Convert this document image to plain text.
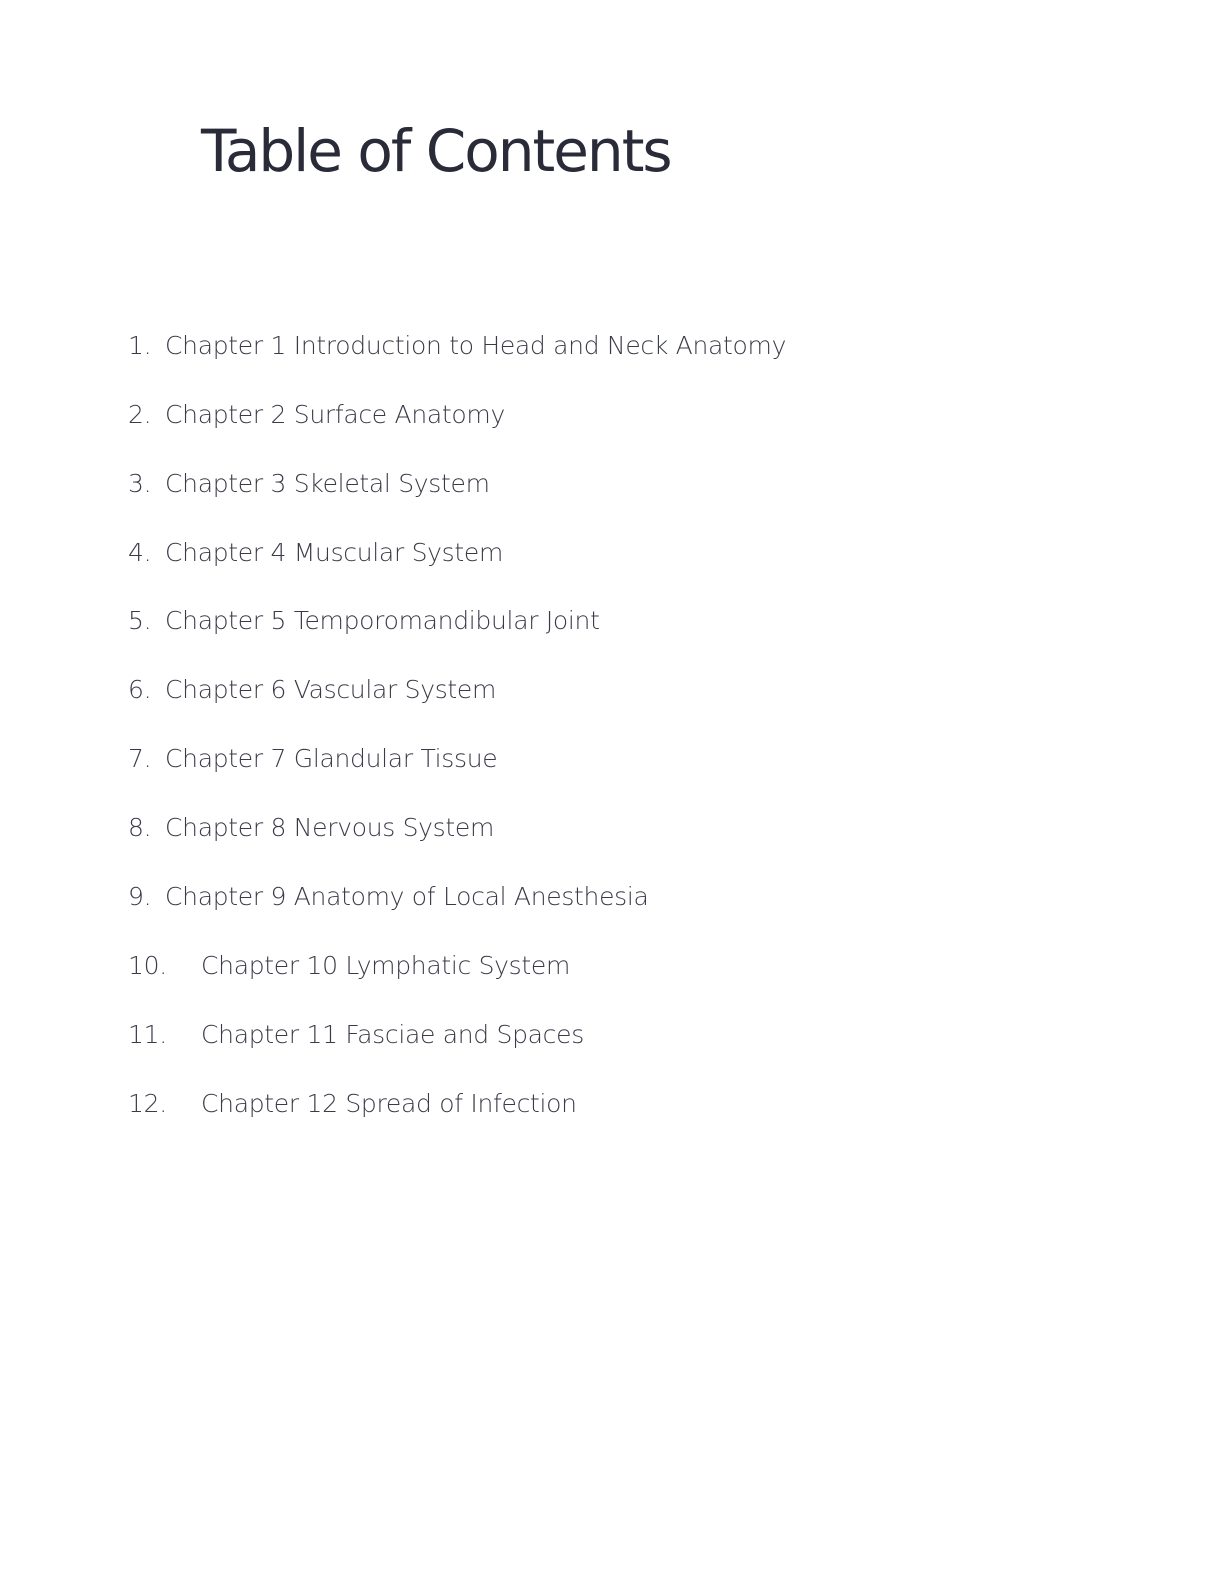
Table of Contents
1. Chapter 1 Introduction to Head and Neck Anatomy
2. Chapter 2 Surface Anatomy
3. Chapter 3 Skeletal System
4. Chapter 4 Muscular System
5. Chapter 5 Temporomandibular Joint
6. Chapter 6 Vascular System
7. Chapter 7 Glandular Tissue
8. Chapter 8 Nervous System
9. Chapter 9 Anatomy of Local Anesthesia
10. Chapter 10 Lymphatic System
11. Chapter 11 Fasciae and Spaces
12. Chapter 12 Spread of Infection
